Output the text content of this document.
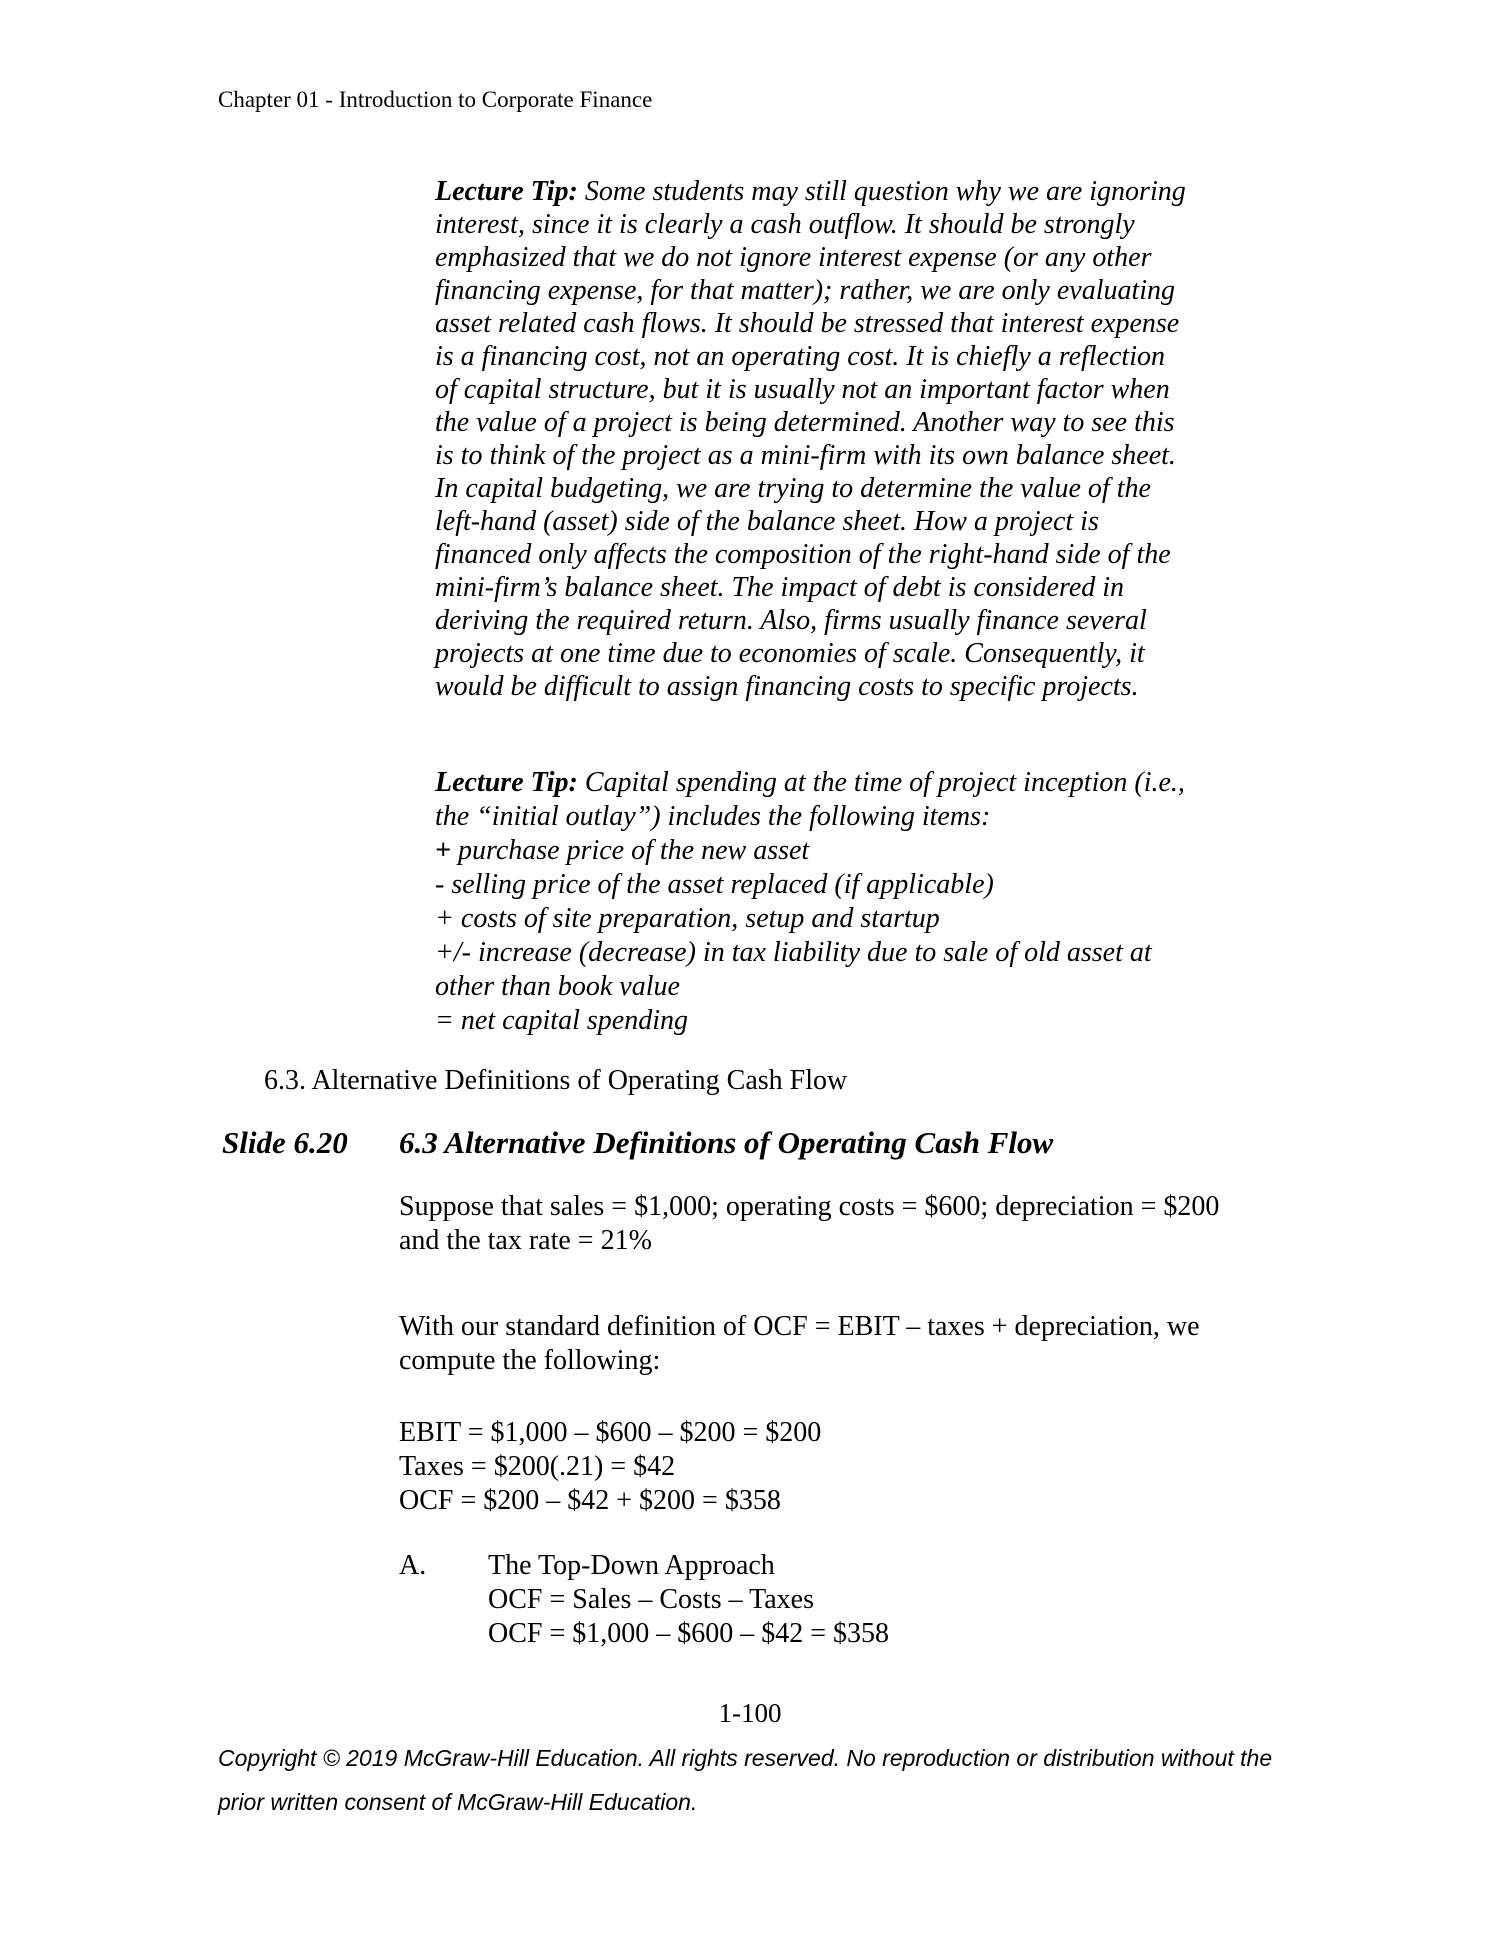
Chapter 01 - Introduction to Corporate Finance
Lecture Tip: Some students may still question why we are ignoring
interest, since it is clearly a cash outflow. It should be strongly
emphasized that we do not ignore interest expense (or any other
financing expense, for that matter); rather, we are only evaluating
asset related cash flows. It should be stressed that interest expense
is a financing cost, not an operating cost. It is chiefly a reflection
of capital structure, but it is usually not an important factor when
the value of a project is being determined. Another way to see this
is to think of the project as a mini-firm with its own balance sheet.
In capital budgeting, we are trying to determine the value of the
left-hand (asset) side of the balance sheet. How a project is
financed only affects the composition of the right-hand side of the
mini-firm’s balance sheet. The impact of debt is considered in
deriving the required return. Also, firms usually finance several
projects at one time due to economies of scale. Consequently, it
would be difficult to assign financing costs to specific projects.
Lecture Tip: Capital spending at the time of project inception (i.e.,
the “initial outlay”) includes the following items:
+ purchase price of the new asset
- selling price of the asset replaced (if applicable)
+ costs of site preparation, setup and startup
+/- increase (decrease) in tax liability due to sale of old asset at
other than book value
= net capital spending
6.3. Alternative Definitions of Operating Cash Flow
Slide 6.20 6.3 Alternative Definitions of Operating Cash Flow
Suppose that sales = $1,000; operating costs = $600; depreciation = $200
and the tax rate = 21%
With our standard definition of OCF = EBIT – taxes + depreciation, we
compute the following:
EBIT = $1,000 – $600 – $200 = $200
Taxes = $200(.21) = $42
OCF = $200 – $42 + $200 = $358
A. The Top-Down Approach
OCF = Sales – Costs – Taxes
OCF = $1,000 – $600 – $42 = $358
1-100
Copyright © 2019 McGraw-Hill Education. All rights reserved. No reproduction or distribution without the
prior written consent of McGraw-Hill Education.
